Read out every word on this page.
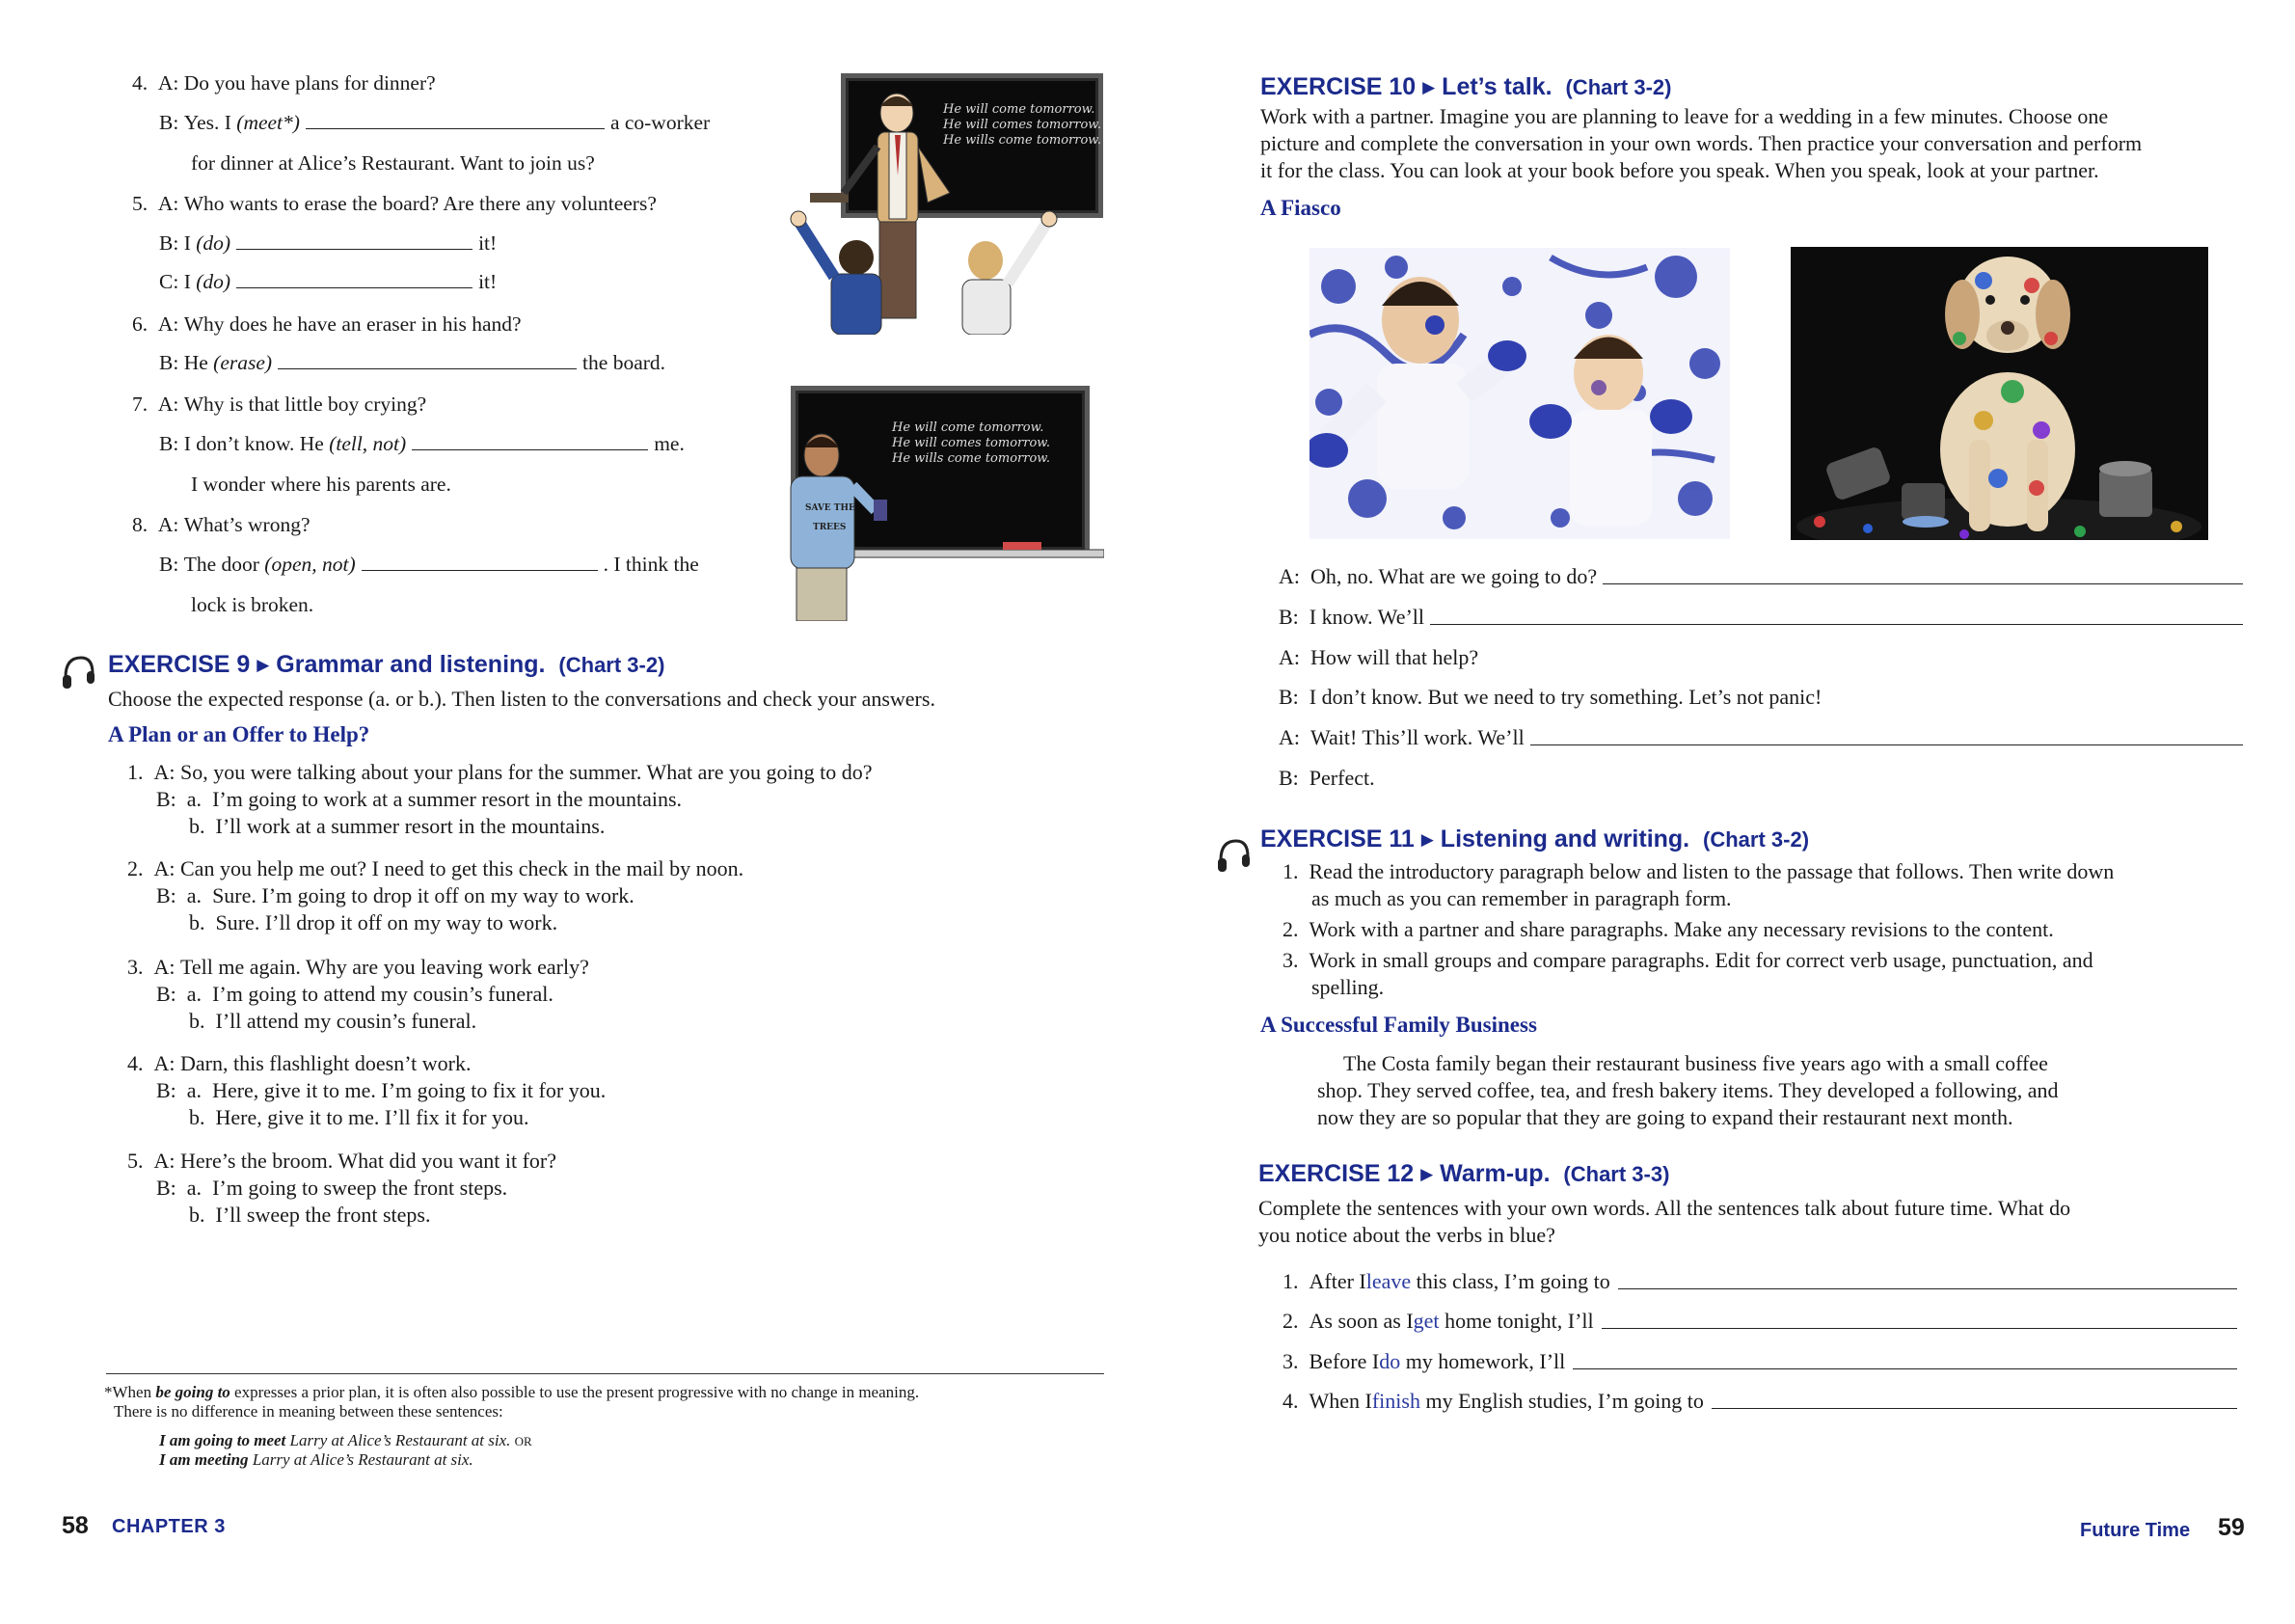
4. A: Do you have plans for dinner?
B: Yes. I (meet*)	a co-worker
for dinner at Alice’s Restaurant. Want to join us?
5. A: Who wants to erase the board? Are there any volunteers?
B: I (do)	it!
C: I (do)	it!
6. A: Why does he have an eraser in his hand?
B: He (erase)	the board.
7. A: Why is that little boy crying?
B: I don’t know. He (tell, not)	me.
I wonder where his parents are.
8. A: What’s wrong?
B: The door (open, not)	. I think the
lock is broken.
He will come tomorrow.
He will comes tomorrow.
He wills come tomorrow.
He will come tomorrow.
He will comes tomorrow.
He wills come tomorrow.
SAVE THE
TREES
EXERCISE 9 ▶ Grammar and listening. (Chart 3-2)
Choose the expected response (a. or b.). Then listen to the conversations and check your answers.
A Plan or an Offer to Help?
1.  A: So, you were talking about your plans for the summer. What are you going to do?
B:  a.  I’m going to work at a summer resort in the mountains.
b.  I’ll work at a summer resort in the mountains.
2.  A: Can you help me out? I need to get this check in the mail by noon.
B:  a.  Sure. I’m going to drop it off on my way to work.
b.  Sure. I’ll drop it off on my way to work.
3.  A: Tell me again. Why are you leaving work early?
B:  a.  I’m going to attend my cousin’s funeral.
b.  I’ll attend my cousin’s funeral.
4.  A: Darn, this flashlight doesn’t work.
B:  a.  Here, give it to me. I’m going to fix it for you.
b.  Here, give it to me. I’ll fix it for you.
5.  A: Here’s the broom. What did you want it for?
B:  a.  I’m going to sweep the front steps.
b.  I’ll sweep the front steps.
*When be going to expresses a prior plan, it is often also possible to use the present progressive with no change in meaning.
There is no difference in meaning between these sentences:
I am going to meet Larry at Alice’s Restaurant at six. OR
I am meeting Larry at Alice’s Restaurant at six.
58 CHAPTER 3
EXERCISE 10 ▶ Let’s talk. (Chart 3-2)
Work with a partner. Imagine you are planning to leave for a wedding in a few minutes. Choose one
picture and complete the conversation in your own words. Then practice your conversation and perform
it for the class. You can look at your book before you speak. When you speak, look at your partner.
A Fiasco
A:
Oh, no. What are we going to do?
B:
I know. We’ll
A:
How will that help?
B:
I don’t know. But we need to try something. Let’s not panic!
A:
Wait! This’ll work. We’ll
B:
Perfect.
EXERCISE 11 ▶ Listening and writing. (Chart 3-2)
1. Read the introductory paragraph below and listen to the passage that follows. Then write down
as much as you can remember in paragraph form.
2. Work with a partner and share paragraphs. Make any necessary revisions to the content.
3. Work in small groups and compare paragraphs. Edit for correct verb usage, punctuation, and
spelling.
A Successful Family Business
The Costa family began their restaurant business five years ago with a small coffee
shop. They served coffee, tea, and fresh bakery items. They developed a following, and
now they are so popular that they are going to expand their restaurant next month.
EXERCISE 12 ▶ Warm-up. (Chart 3-3)
Complete the sentences with your own words. All the sentences talk about future time. What do
you notice about the verbs in blue?
1.
After I leave this class, I’m going to
2.
As soon as I get home tonight, I’ll
3.
Before I do my homework, I’ll
4.
When I finish my English studies, I’m going to
Future Time 59
